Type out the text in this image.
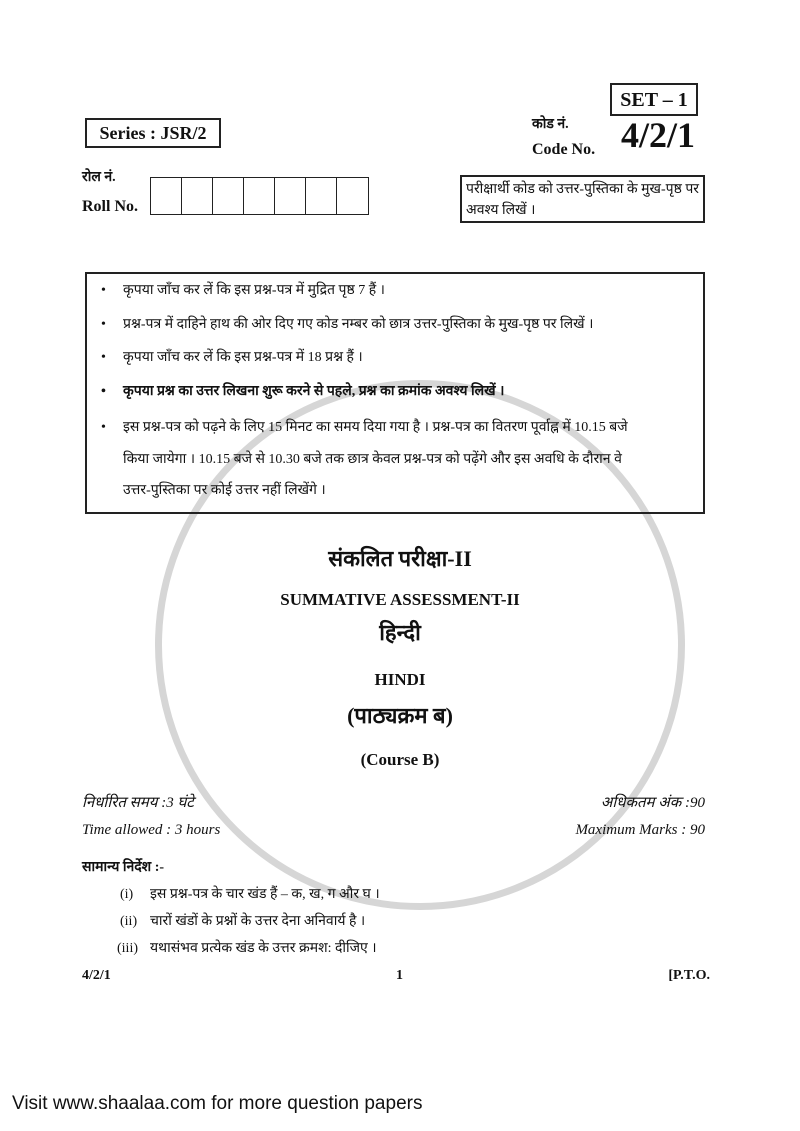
SET – 1
Series : JSR/2	कोड नं.
Code No. 4/2/1
रोल नं.
Roll No.
परीक्षार्थी कोड को उत्तर-पुस्तिका के मुख-पृष्ठ पर अवश्य लिखें ।
• कृपया जाँच कर लें कि इस प्रश्न-पत्र में मुद्रित पृष्ठ 7 हैं ।
• प्रश्न-पत्र में दाहिने हाथ की ओर दिए गए कोड नम्बर को छात्र उत्तर-पुस्तिका के मुख-पृष्ठ पर लिखें ।
• कृपया जाँच कर लें कि इस प्रश्न-पत्र में 18 प्रश्न हैं ।
• कृपया प्रश्न का उत्तर लिखना शुरू करने से पहले, प्रश्न का क्रमांक अवश्य लिखें ।
• इस प्रश्न-पत्र को पढ़ने के लिए 15 मिनट का समय दिया गया है । प्रश्न-पत्र का वितरण पूर्वाह्न में 10.15 बजे
किया जायेगा । 10.15 बजे से 10.30 बजे तक छात्र केवल प्रश्न-पत्र को पढ़ेंगे और इस अवधि के दौरान वे
उत्तर-पुस्तिका पर कोई उत्तर नहीं लिखेंगे ।
संकलित परीक्षा-II
SUMMATIVE ASSESSMENT-II
हिन्दी
HINDI
(पाठ्यक्रम ब)
(Course B)
निर्धारित समय :3 घंटे
Time allowed : 3 hours
अधिकतम अंक :90
Maximum Marks : 90
सामान्य निर्देश :-
(i) इस प्रश्न-पत्र के चार खंड हैं – क, ख, ग और घ ।
(ii) चारों खंडों के प्रश्नों के उत्तर देना अनिवार्य है ।
(iii) यथासंभव प्रत्येक खंड के उत्तर क्रमश: दीजिए ।
4/2/1	1	[P.T.O.
Visit www.shaalaa.com for more question papers
